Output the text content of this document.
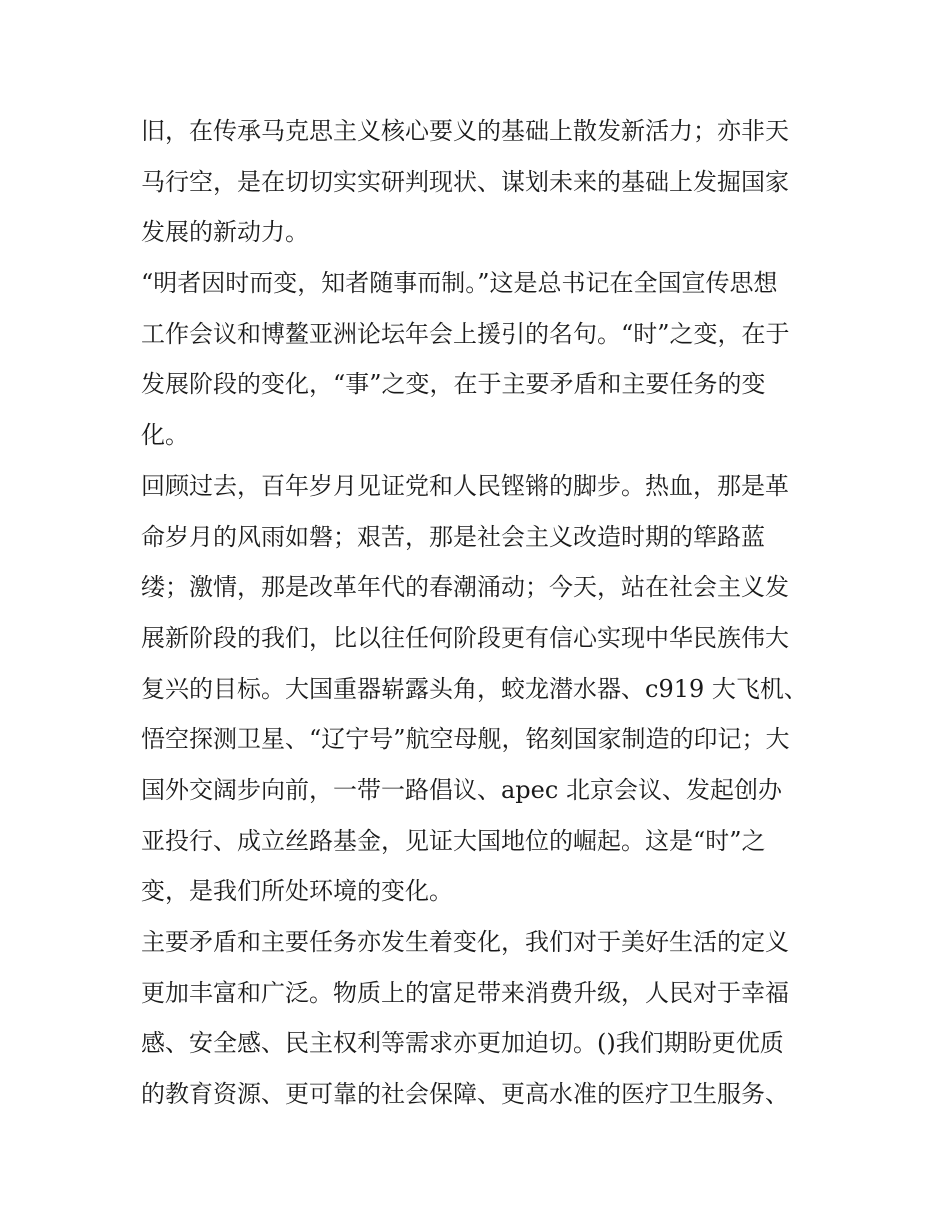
旧，在传承马克思主义核心要义的基础上散发新活力；亦非天
马行空，是在切切实实研判现状、谋划未来的基础上发掘国家
发展的新动力。
“明者因时而变，知者随事而制。”这是总书记在全国宣传思想
工作会议和博鳌亚洲论坛年会上援引的名句。“时”之变，在于
发展阶段的变化，“事”之变，在于主要矛盾和主要任务的变
化。
回顾过去，百年岁月见证党和人民铿锵的脚步。热血，那是革
命岁月的风雨如磐；艰苦，那是社会主义改造时期的筚路蓝
缕；激情，那是改革年代的春潮涌动；今天，站在社会主义发
展新阶段的我们，比以往任何阶段更有信心实现中华民族伟大
复兴的目标。大国重器崭露头角，蛟龙潜水器、c919 大飞机、
悟空探测卫星、“辽宁号”航空母舰，铭刻国家制造的印记；大
国外交阔步向前，一带一路倡议、apec 北京会议、发起创办
亚投行、成立丝路基金，见证大国地位的崛起。这是“时”之
变，是我们所处环境的变化。
主要矛盾和主要任务亦发生着变化，我们对于美好生活的定义
更加丰富和广泛。物质上的富足带来消费升级，人民对于幸福
感、安全感、民主权利等需求亦更加迫切。()我们期盼更优质
的教育资源、更可靠的社会保障、更高水准的医疗卫生服务、
